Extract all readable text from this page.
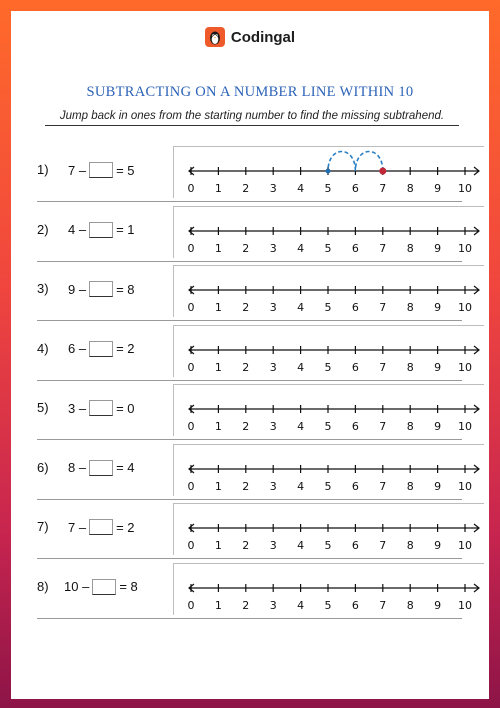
Codingal
SUBTRACTING ON A NUMBER LINE WITHIN 10
Jump back in ones from the starting number to find the missing subtrahend.
1) 7 – = 5
0 1 2 3 4 5 6 7 8 9 10
2) 4 – = 1
0 1 2 3 4 5 6 7 8 9 10
3) 9 – = 8
0 1 2 3 4 5 6 7 8 9 10
4) 6 – = 2
0 1 2 3 4 5 6 7 8 9 10
5) 3 – = 0
0 1 2 3 4 5 6 7 8 9 10
6) 8 – = 4
0 1 2 3 4 5 6 7 8 9 10
7) 7 – = 2
0 1 2 3 4 5 6 7 8 9 10
8) 10 – = 8
0 1 2 3 4 5 6 7 8 9 10
TOP
worksheets
